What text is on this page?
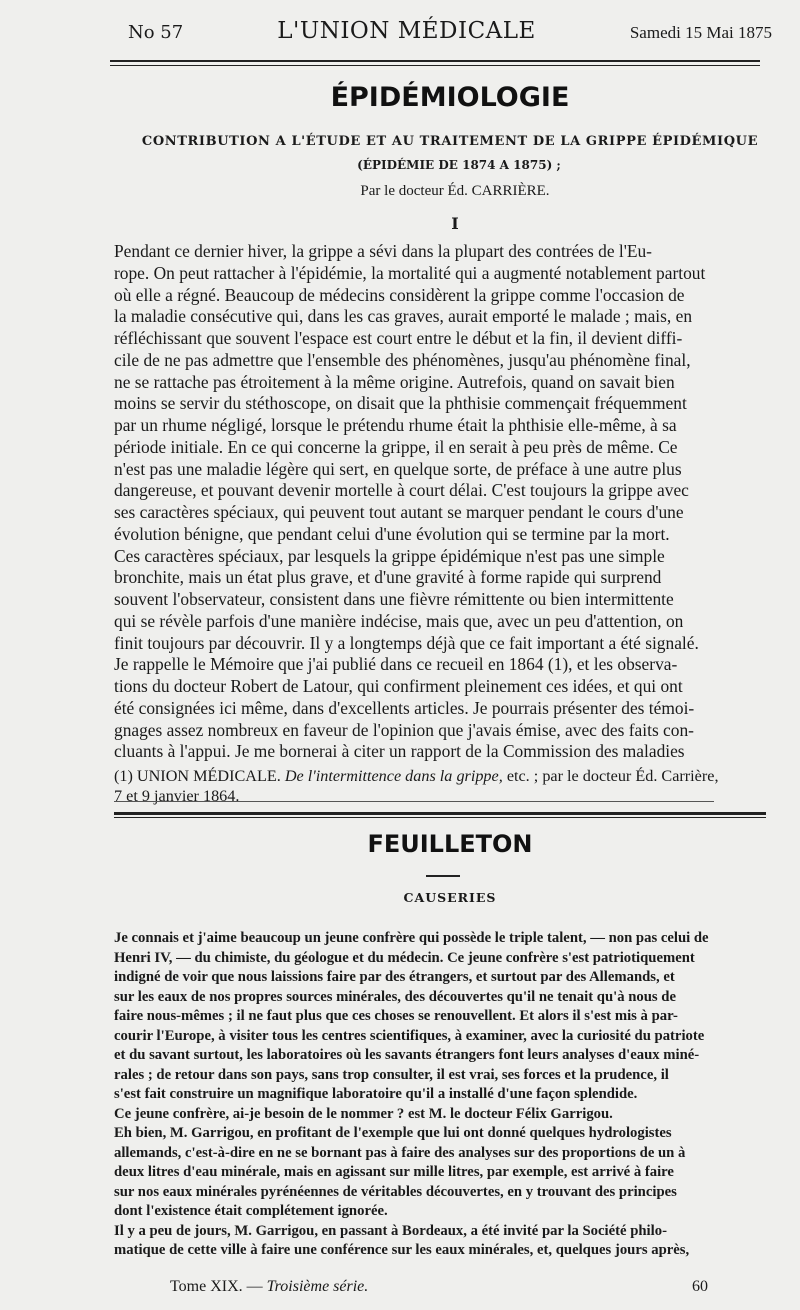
No 57	L'UNION MÉDICALE	Samedi 15 Mai 1875
ÉPIDÉMIOLOGIE
CONTRIBUTION A L'ÉTUDE ET AU TRAITEMENT DE LA GRIPPE ÉPIDÉMIQUE
(ÉPIDÉMIE DE 1874 A 1875) ;
Par le docteur Éd. CARRIÈRE.
I

Pendant ce dernier hiver, la grippe a sévi dans la plupart des contrées de l'Eu-

rope. On peut rattacher à l'épidémie, la mortalité qui a augmenté notablement partout

où elle a régné. Beaucoup de médecins considèrent la grippe comme l'occasion de

la maladie consécutive qui, dans les cas graves, aurait emporté le malade ; mais, en

réfléchissant que souvent l'espace est court entre le début et la fin, il devient diffi-

cile de ne pas admettre que l'ensemble des phénomènes, jusqu'au phénomène final,

ne se rattache pas étroitement à la même origine. Autrefois, quand on savait bien

moins se servir du stéthoscope, on disait que la phthisie commençait fréquemment

par un rhume négligé, lorsque le prétendu rhume était la phthisie elle-même, à sa

période initiale. En ce qui concerne la grippe, il en serait à peu près de même. Ce

n'est pas une maladie légère qui sert, en quelque sorte, de préface à une autre plus

dangereuse, et pouvant devenir mortelle à court délai. C'est toujours la grippe avec

ses caractères spéciaux, qui peuvent tout autant se marquer pendant le cours d'une

évolution bénigne, que pendant celui d'une évolution qui se termine par la mort.

Ces caractères spéciaux, par lesquels la grippe épidémique n'est pas une simple

bronchite, mais un état plus grave, et d'une gravité à forme rapide qui surprend

souvent l'observateur, consistent dans une fièvre rémittente ou bien intermittente

qui se révèle parfois d'une manière indécise, mais que, avec un peu d'attention, on

finit toujours par découvrir. Il y a longtemps déjà que ce fait important a été signalé.

Je rappelle le Mémoire que j'ai publié dans ce recueil en 1864 (1), et les observa-

tions du docteur Robert de Latour, qui confirment pleinement ces idées, et qui ont

été consignées ici même, dans d'excellents articles. Je pourrais présenter des témoi-

gnages assez nombreux en faveur de l'opinion que j'avais émise, avec des faits con-

cluants à l'appui. Je me bornerai à citer un rapport de la Commission des maladies

(1) UNION MÉDICALE. De l'intermittence dans la grippe, etc. ; par le docteur Éd. Carrière,
7 et 9 janvier 1864.
FEUILLETON
CAUSERIES

Je connais et j'aime beaucoup un jeune confrère qui possède le triple talent, — non pas celui de

Henri IV, — du chimiste, du géologue et du médecin. Ce jeune confrère s'est patriotiquement

indigné de voir que nous laissions faire par des étrangers, et surtout par des Allemands, et

sur les eaux de nos propres sources minérales, des découvertes qu'il ne tenait qu'à nous de

faire nous-mêmes ; il ne faut plus que ces choses se renouvellent. Et alors il s'est mis à par-

courir l'Europe, à visiter tous les centres scientifiques, à examiner, avec la curiosité du patriote

et du savant surtout, les laboratoires où les savants étrangers font leurs analyses d'eaux miné-

rales ; de retour dans son pays, sans trop consulter, il est vrai, ses forces et la prudence, il

s'est fait construire un magnifique laboratoire qu'il a installé d'une façon splendide.

Ce jeune confrère, ai-je besoin de le nommer ? est M. le docteur Félix Garrigou.

Eh bien, M. Garrigou, en profitant de l'exemple que lui ont donné quelques hydrologistes

allemands, c'est-à-dire en ne se bornant pas à faire des analyses sur des proportions de un à

deux litres d'eau minérale, mais en agissant sur mille litres, par exemple, est arrivé à faire

sur nos eaux minérales pyrénéennes de véritables découvertes, en y trouvant des principes

dont l'existence était complétement ignorée.

Il y a peu de jours, M. Garrigou, en passant à Bordeaux, a été invité par la Société philo-

matique de cette ville à faire une conférence sur les eaux minérales, et, quelques jours après,

Tome XIX. — Troisième série.	60
